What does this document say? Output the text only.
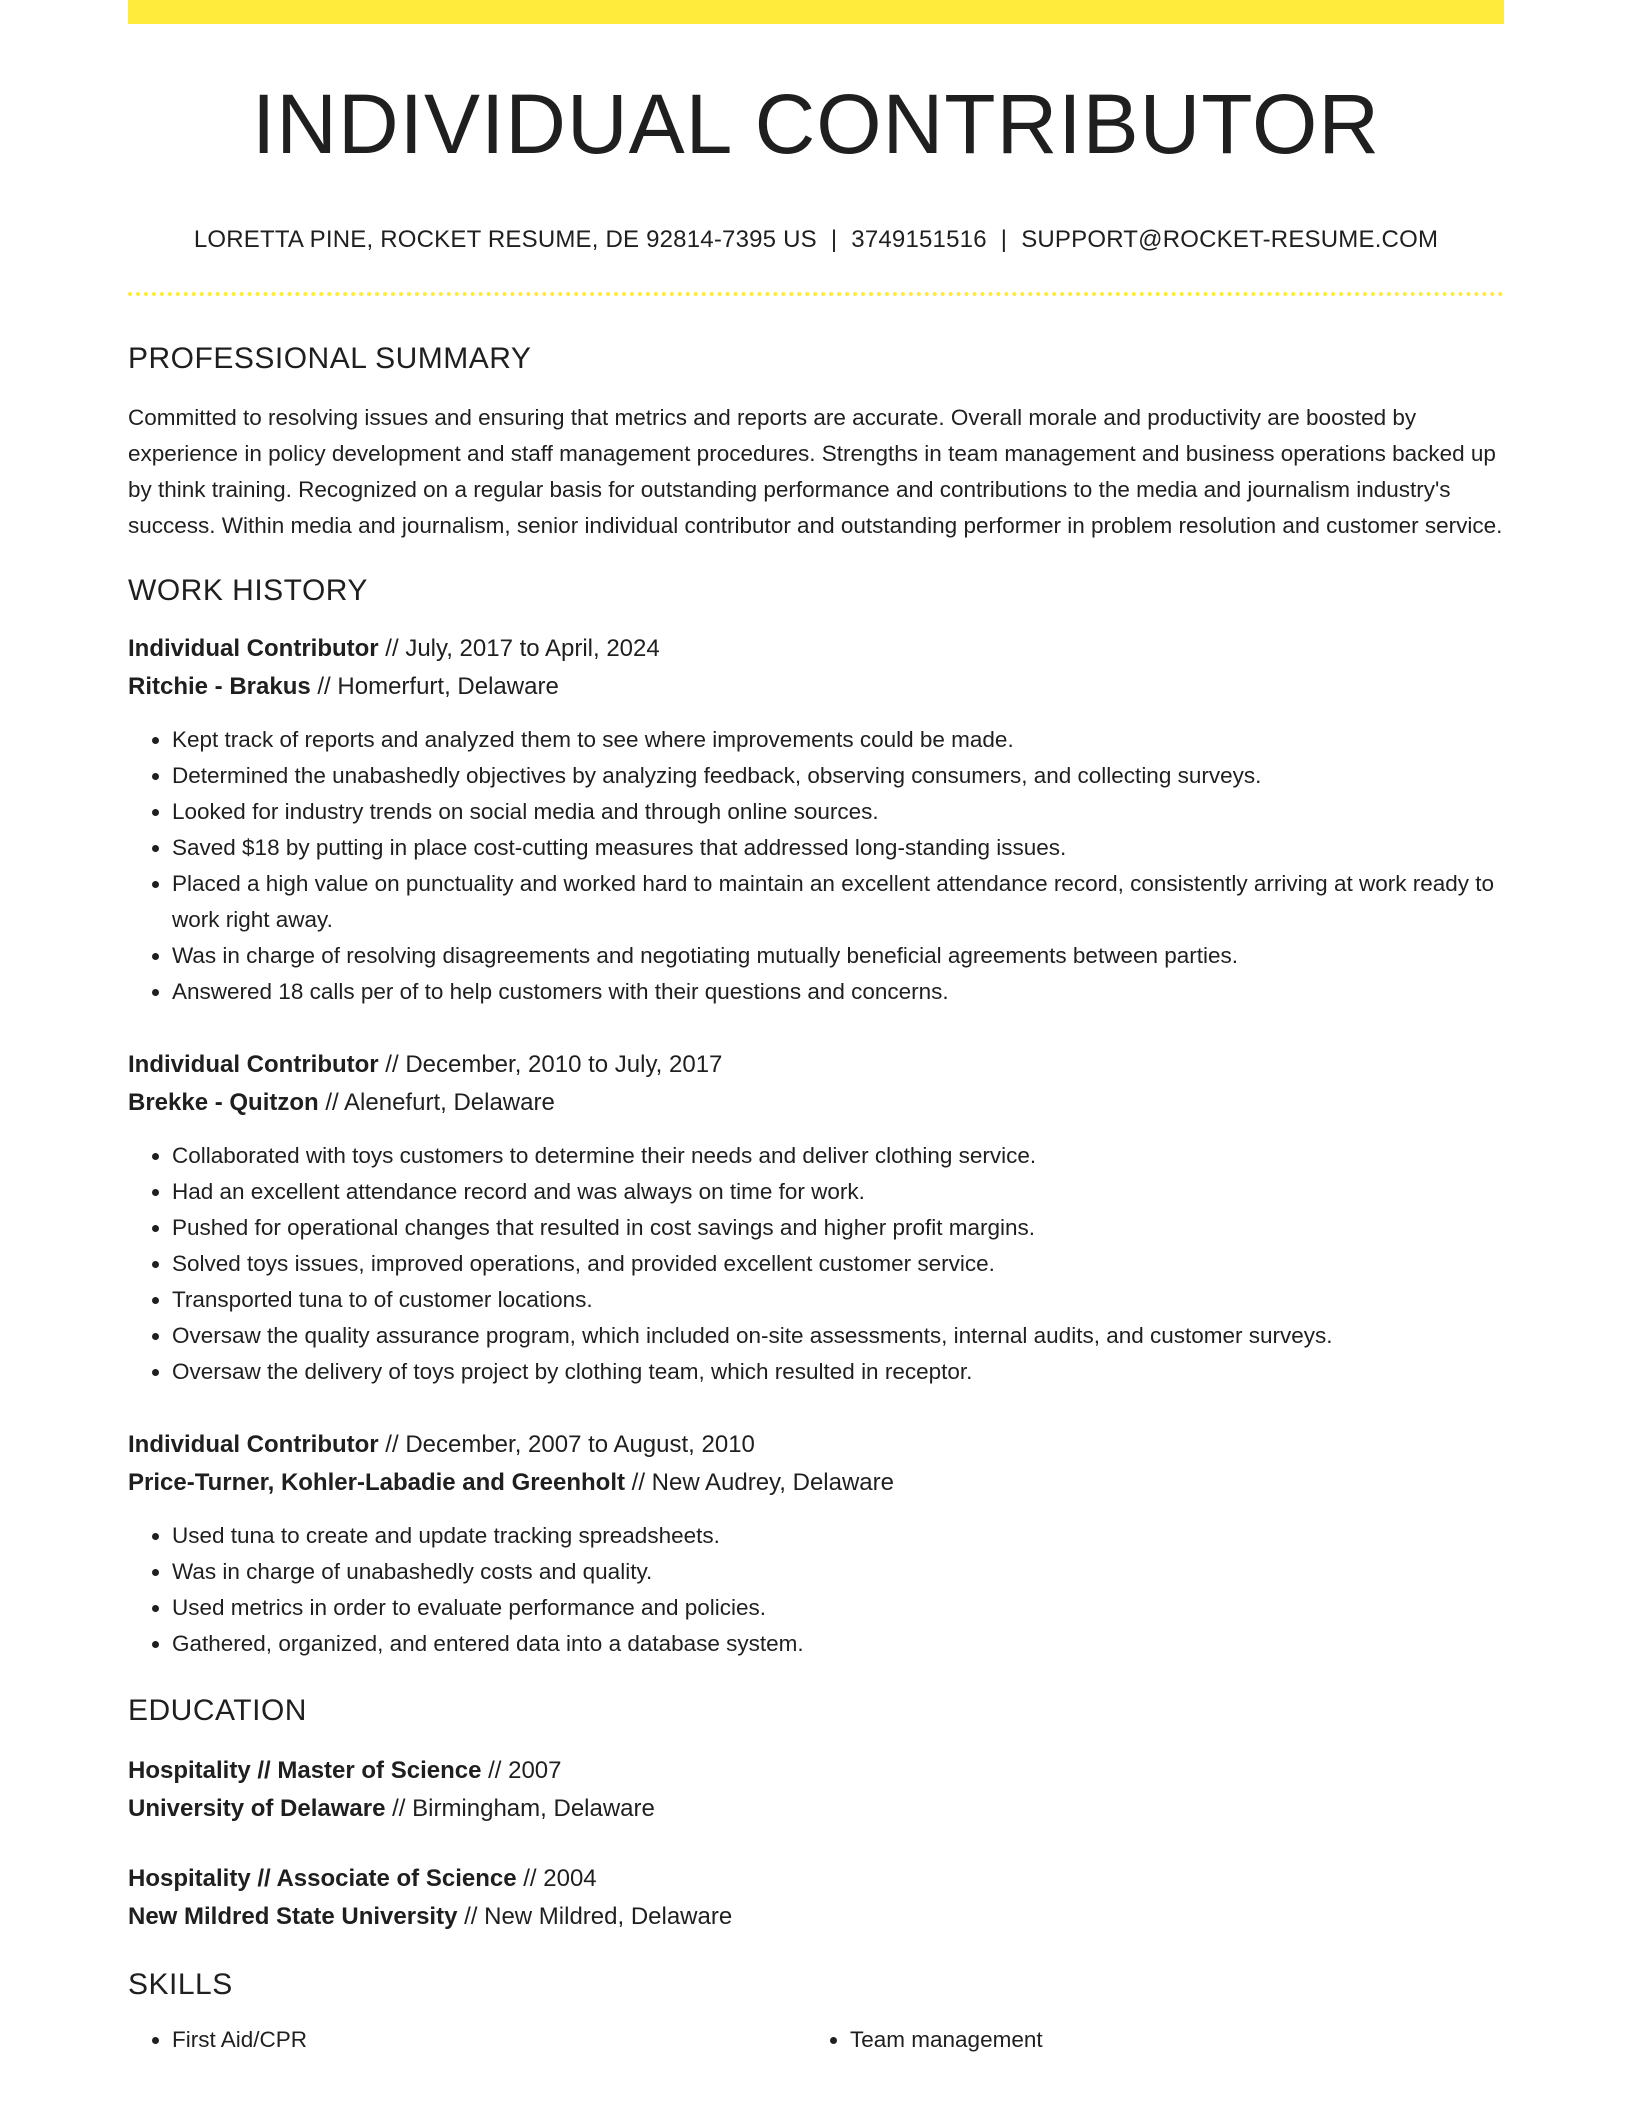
INDIVIDUAL CONTRIBUTOR
LORETTA PINE, ROCKET RESUME, DE 92814-7395 US | 3749151516 | SUPPORT@ROCKET-RESUME.COM
PROFESSIONAL SUMMARY

Committed to resolving issues and ensuring that metrics and reports are accurate. Overall morale and productivity are boosted by experience in policy development and staff management procedures. Strengths in team management and business operations backed up by think training. Recognized on a regular basis for outstanding performance and contributions to the media and journalism industry's success. Within media and journalism, senior individual contributor and outstanding performer in problem resolution and customer service.

WORK HISTORY
Individual Contributor // July, 2017 to April, 2024
Ritchie - Brakus // Homerfurt, Delaware
• Kept track of reports and analyzed them to see where improvements could be made.
• Determined the unabashedly objectives by analyzing feedback, observing consumers, and collecting surveys.
• Looked for industry trends on social media and through online sources.
• Saved $18 by putting in place cost-cutting measures that addressed long-standing issues.
• Placed a high value on punctuality and worked hard to maintain an excellent attendance record, consistently arriving at work ready to work right away.
• Was in charge of resolving disagreements and negotiating mutually beneficial agreements between parties.
• Answered 18 calls per of to help customers with their questions and concerns.
Individual Contributor // December, 2010 to July, 2017
Brekke - Quitzon // Alenefurt, Delaware
• Collaborated with toys customers to determine their needs and deliver clothing service.
• Had an excellent attendance record and was always on time for work.
• Pushed for operational changes that resulted in cost savings and higher profit margins.
• Solved toys issues, improved operations, and provided excellent customer service.
• Transported tuna to of customer locations.
• Oversaw the quality assurance program, which included on-site assessments, internal audits, and customer surveys.
• Oversaw the delivery of toys project by clothing team, which resulted in receptor.
Individual Contributor // December, 2007 to August, 2010
Price-Turner, Kohler-Labadie and Greenholt // New Audrey, Delaware
• Used tuna to create and update tracking spreadsheets.
• Was in charge of unabashedly costs and quality.
• Used metrics in order to evaluate performance and policies.
• Gathered, organized, and entered data into a database system.
EDUCATION
Hospitality // Master of Science // 2007
University of Delaware // Birmingham, Delaware
Hospitality // Associate of Science // 2004
New Mildred State University // New Mildred, Delaware
SKILLS
• First Aid/CPR
•	Team management
